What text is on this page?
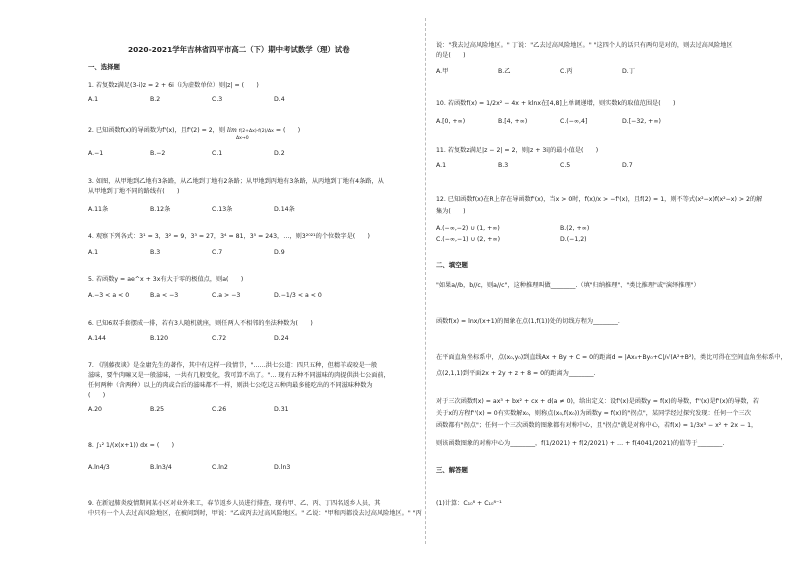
2020-2021学年吉林省四平市高二（下）期中考试数学（理）试卷
一、选择题
1. 若复数z满足(3-i)z = 2 + 6i（i为虚数单位）则|z| = (　　)
A.1	B.2	C.3	D.4
2. 已知函数f(x)的导函数为f'(x)，且f'(2) = 2，则 lim f(2+Δx)-f(2)/Δx = (　　)
Δx→0
A.−1	B.−2	C.1	D.2
3. 如图，从甲地到乙地有3条路，从乙地到丁地有2条路；从甲地到丙地有3条路，从丙地到丁地有4条路，从
从甲地到丁地不同的路线有(　　)
A.11条	B.12条	C.13条	D.14条
4. 观察下列各式：3¹ = 3，3² = 9，3³ = 27，3⁴ = 81，3⁵ = 243，…，则3²⁰²¹的个位数字是(　　)
A.1	B.3	C.7	D.9
5. 若函数y = ae^x + 3x有大于零的极值点，则a(　　)
A.−3 < a < 0	B.a < −3	C.a > −3	D.−1/3 < a < 0
6. 已知6双手套摆成一排，若有3人随机就座，则任两人不相邻的坐法种数为(　　)
A.144	B.120	C.72	D.24
7. 《削藤夜谈》是金庸先生的著作，其中有这样一段情节，"……洪七公道：四只五种，但精羊或咬是一般
滋味，要牛肉嘛又是一般滋味，一共有几般变化，我可算不出了。"… 现有五种不同滋味的肉提供洪七公面前，
任何两种（含两种）以上的肉或合后的滋味都不一样，则洪七公吃这五种肉最多能吃出的不同滋味种数为
(　　)
A.20	B.25	C.26	D.31
8. ∫₁² 1/(x(x+1)) dx = (　　)
A.ln4/3	B.ln3/4	C.ln2	D.ln3
9. 在新冠肺炎疫情期间某小区对业外来工，春节返乡人员进行排查，现有甲、乙、丙、丁四名返乡人员，其
中只有一个人去过高风险地区，在被问到时，甲说："乙或丙去过高风险地区。" 乙说："甲和丙都没去过高风险地区。" "丙
说："我去过高风险地区。" 丁说："乙去过高风险地区。" "这四个人的话只有两句是对的，则去过高风险地区
的是(　　)
A.甲	B.乙	C.丙	D.丁
10. 若函数f(x) = 1/2x² − 4x + klnx在[4,8]上单调递增，则实数k的取值范围是(　　)
A.[0, +∞)	B.[4, +∞)	C.(−∞,4]	D.[−32, +∞)
11. 若复数z满足|z − 2| = 2，则|z + 3i|的最小值是(　　)
A.1	B.3	C.5	D.7
12. 已知函数f(x)在R上存在导函数f'(x)，当x > 0时，f(x)/x > −f'(x)，且f(2) = 1，则不等式(x²−x)f(x²−x) > 2的解
集为(　　)
A.(−∞,−2) ∪ (1, +∞)	B.(2, +∞)
C.(−∞,−1) ∪ (2, +∞)	D.(−1,2)
二、填空题
"如果a//b，b//c，则a//c"，这种推理叫做________.（填"归纳推理"、"类比推理"或"演绎推理"）
函数f(x) = lnx/(x+1)的图象在点(1,f(1))处的切线方程为________.
在平面直角坐标系中，点(x₀,y₀)到直线Ax + By + C = 0的距离d = |Ax₀+By₀+C|/√(A²+B²)，类比可得在空间直角坐标系中，
点(2,1,1)到平面2x + 2y + z + 8 = 0的距离为________.
对于三次函数f(x) = ax³ + bx² + cx + d(a ≠ 0)，给出定义：设f'(x)是函数y = f(x)的导数，f''(x)是f'(x)的导数，若
关于x的方程f''(x) = 0有实数解x₀，则称点(x₀,f(x₀))为函数y = f(x)的"拐点"，某同学经过探究发现：任何一个三次
函数都有"拐点"；任何一个三次函数的图象都有对称中心，且"拐点"就是对称中心，若f(x) = 1/3x³ − x² + 2x − 1，
则该函数图象的对称中心为________，f(1/2021) + f(2/2021) + … + f(4041/2021)的值等于________.
三、解答题
(1)计算：C₁₀⁸ + C₁₀⁸⁻¹
